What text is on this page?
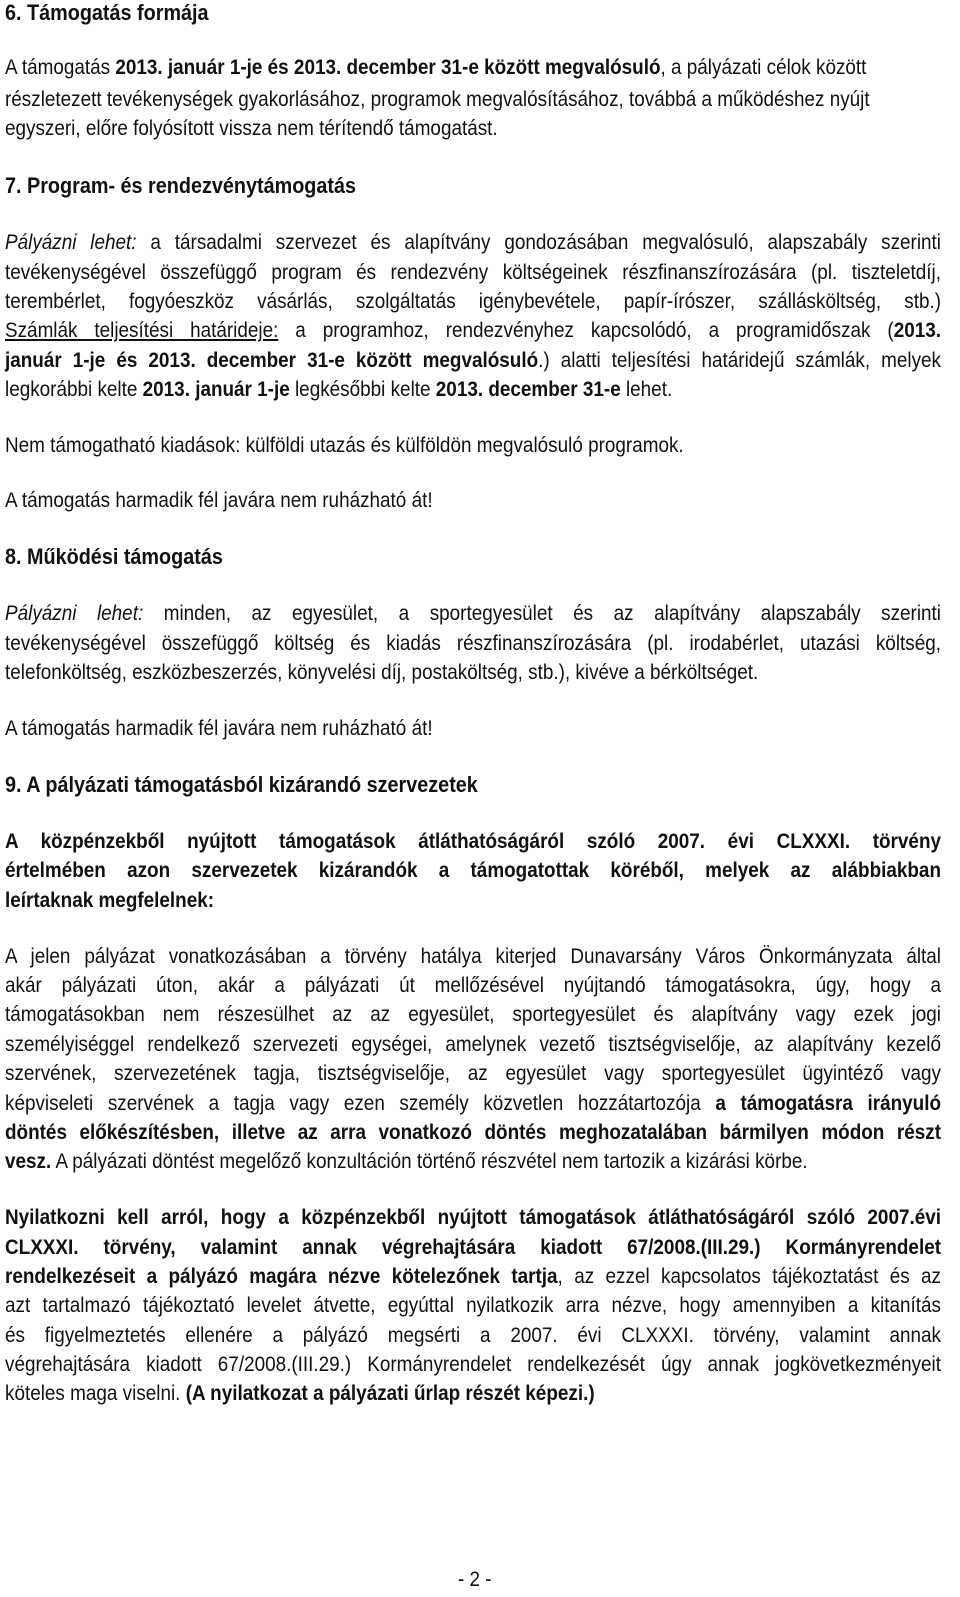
6. Támogatás formája
A támogatás 2013. január 1-je és 2013. december 31-e között megvalósuló, a pályázati célok között
részletezett tevékenységek gyakorlásához, programok megvalósításához, továbbá a működéshez nyújt
egyszeri, előre folyósított vissza nem térítendő támogatást.
7. Program- és rendezvénytámogatás
Pályázni lehet: a társadalmi szervezet és alapítvány gondozásában megvalósuló, alapszabály szerinti
tevékenységével összefüggő program és rendezvény költségeinek részfinanszírozására (pl. tiszteletdíj,
terembérlet, fogyóeszköz vásárlás, szolgáltatás igénybevétele, papír-írószer, szállásköltség, stb.)
Számlák teljesítési határideje: a programhoz, rendezvényhez kapcsolódó, a programidőszak (2013.
január 1-je és 2013. december 31-e között megvalósuló.) alatti teljesítési határidejű számlák, melyek
legkorábbi kelte 2013. január 1-je legkésőbbi kelte 2013. december 31-e lehet.
Nem támogatható kiadások: külföldi utazás és külföldön megvalósuló programok.
A támogatás harmadik fél javára nem ruházható át!
8. Működési támogatás
Pályázni lehet: minden, az egyesület, a sportegyesület és az alapítvány alapszabály szerinti
tevékenységével összefüggő költség és kiadás részfinanszírozására (pl. irodabérlet, utazási költség,
telefonköltség, eszközbeszerzés, könyvelési díj, postaköltség, stb.), kivéve a bérköltséget.
A támogatás harmadik fél javára nem ruházható át!
9. A pályázati támogatásból kizárandó szervezetek
A közpénzekből nyújtott támogatások átláthatóságáról szóló 2007. évi CLXXXI. törvény
értelmében azon szervezetek kizárandók a támogatottak köréből, melyek az alábbiakban
leírtaknak megfelelnek:
A jelen pályázat vonatkozásában a törvény hatálya kiterjed Dunavarsány Város Önkormányzata által
akár pályázati úton, akár a pályázati út mellőzésével nyújtandó támogatásokra, úgy, hogy a
támogatásokban nem részesülhet az az egyesület, sportegyesület és alapítvány vagy ezek jogi
személyiséggel rendelkező szervezeti egységei, amelynek vezető tisztségviselője, az alapítvány kezelő
szervének, szervezetének tagja, tisztségviselője, az egyesület vagy sportegyesület ügyintéző vagy
képviseleti szervének a tagja vagy ezen személy közvetlen hozzátartozója a támogatásra irányuló
döntés előkészítésben, illetve az arra vonatkozó döntés meghozatalában bármilyen módon részt
vesz. A pályázati döntést megelőző konzultáción történő részvétel nem tartozik a kizárási körbe.
Nyilatkozni kell arról, hogy a közpénzekből nyújtott támogatások átláthatóságáról szóló 2007.évi
CLXXXI. törvény, valamint annak végrehajtására kiadott 67/2008.(III.29.) Kormányrendelet
rendelkezéseit a pályázó magára nézve kötelezőnek tartja, az ezzel kapcsolatos tájékoztatást és az
azt tartalmazó tájékoztató levelet átvette, egyúttal nyilatkozik arra nézve, hogy amennyiben a kitanítás
és figyelmeztetés ellenére a pályázó megsérti a 2007. évi CLXXXI. törvény, valamint annak
végrehajtására kiadott 67/2008.(III.29.) Kormányrendelet rendelkezését úgy annak jogkövetkezményeit
köteles maga viselni. (A nyilatkozat a pályázati űrlap részét képezi.)
- 2 -
